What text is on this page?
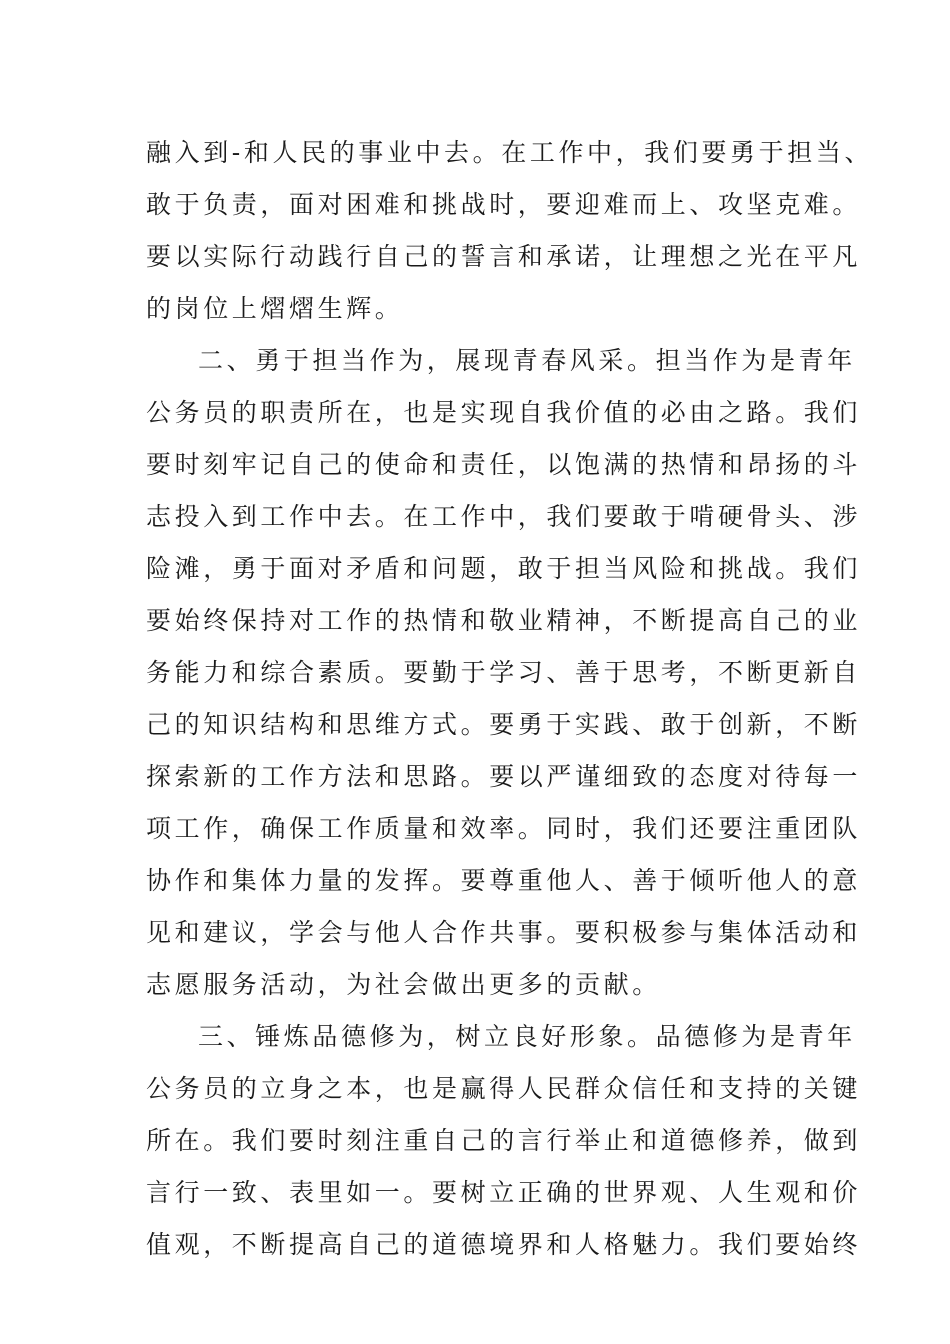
融入到-和人民的事业中去。在工作中，我们要勇于担当、
敢于负责，面对困难和挑战时，要迎难而上、攻坚克难。
要以实际行动践行自己的誓言和承诺，让理想之光在平凡
的岗位上熠熠生辉。
二、勇于担当作为，展现青春风采。担当作为是青年
公务员的职责所在，也是实现自我价值的必由之路。我们
要时刻牢记自己的使命和责任，以饱满的热情和昂扬的斗
志投入到工作中去。在工作中，我们要敢于啃硬骨头、涉
险滩，勇于面对矛盾和问题，敢于担当风险和挑战。我们
要始终保持对工作的热情和敬业精神，不断提高自己的业
务能力和综合素质。要勤于学习、善于思考，不断更新自
己的知识结构和思维方式。要勇于实践、敢于创新，不断
探索新的工作方法和思路。要以严谨细致的态度对待每一
项工作，确保工作质量和效率。同时，我们还要注重团队
协作和集体力量的发挥。要尊重他人、善于倾听他人的意
见和建议，学会与他人合作共事。要积极参与集体活动和
志愿服务活动，为社会做出更多的贡献。
三、锤炼品德修为，树立良好形象。品德修为是青年
公务员的立身之本，也是赢得人民群众信任和支持的关键
所在。我们要时刻注重自己的言行举止和道德修养，做到
言行一致、表里如一。要树立正确的世界观、人生观和价
值观，不断提高自己的道德境界和人格魅力。我们要始终
